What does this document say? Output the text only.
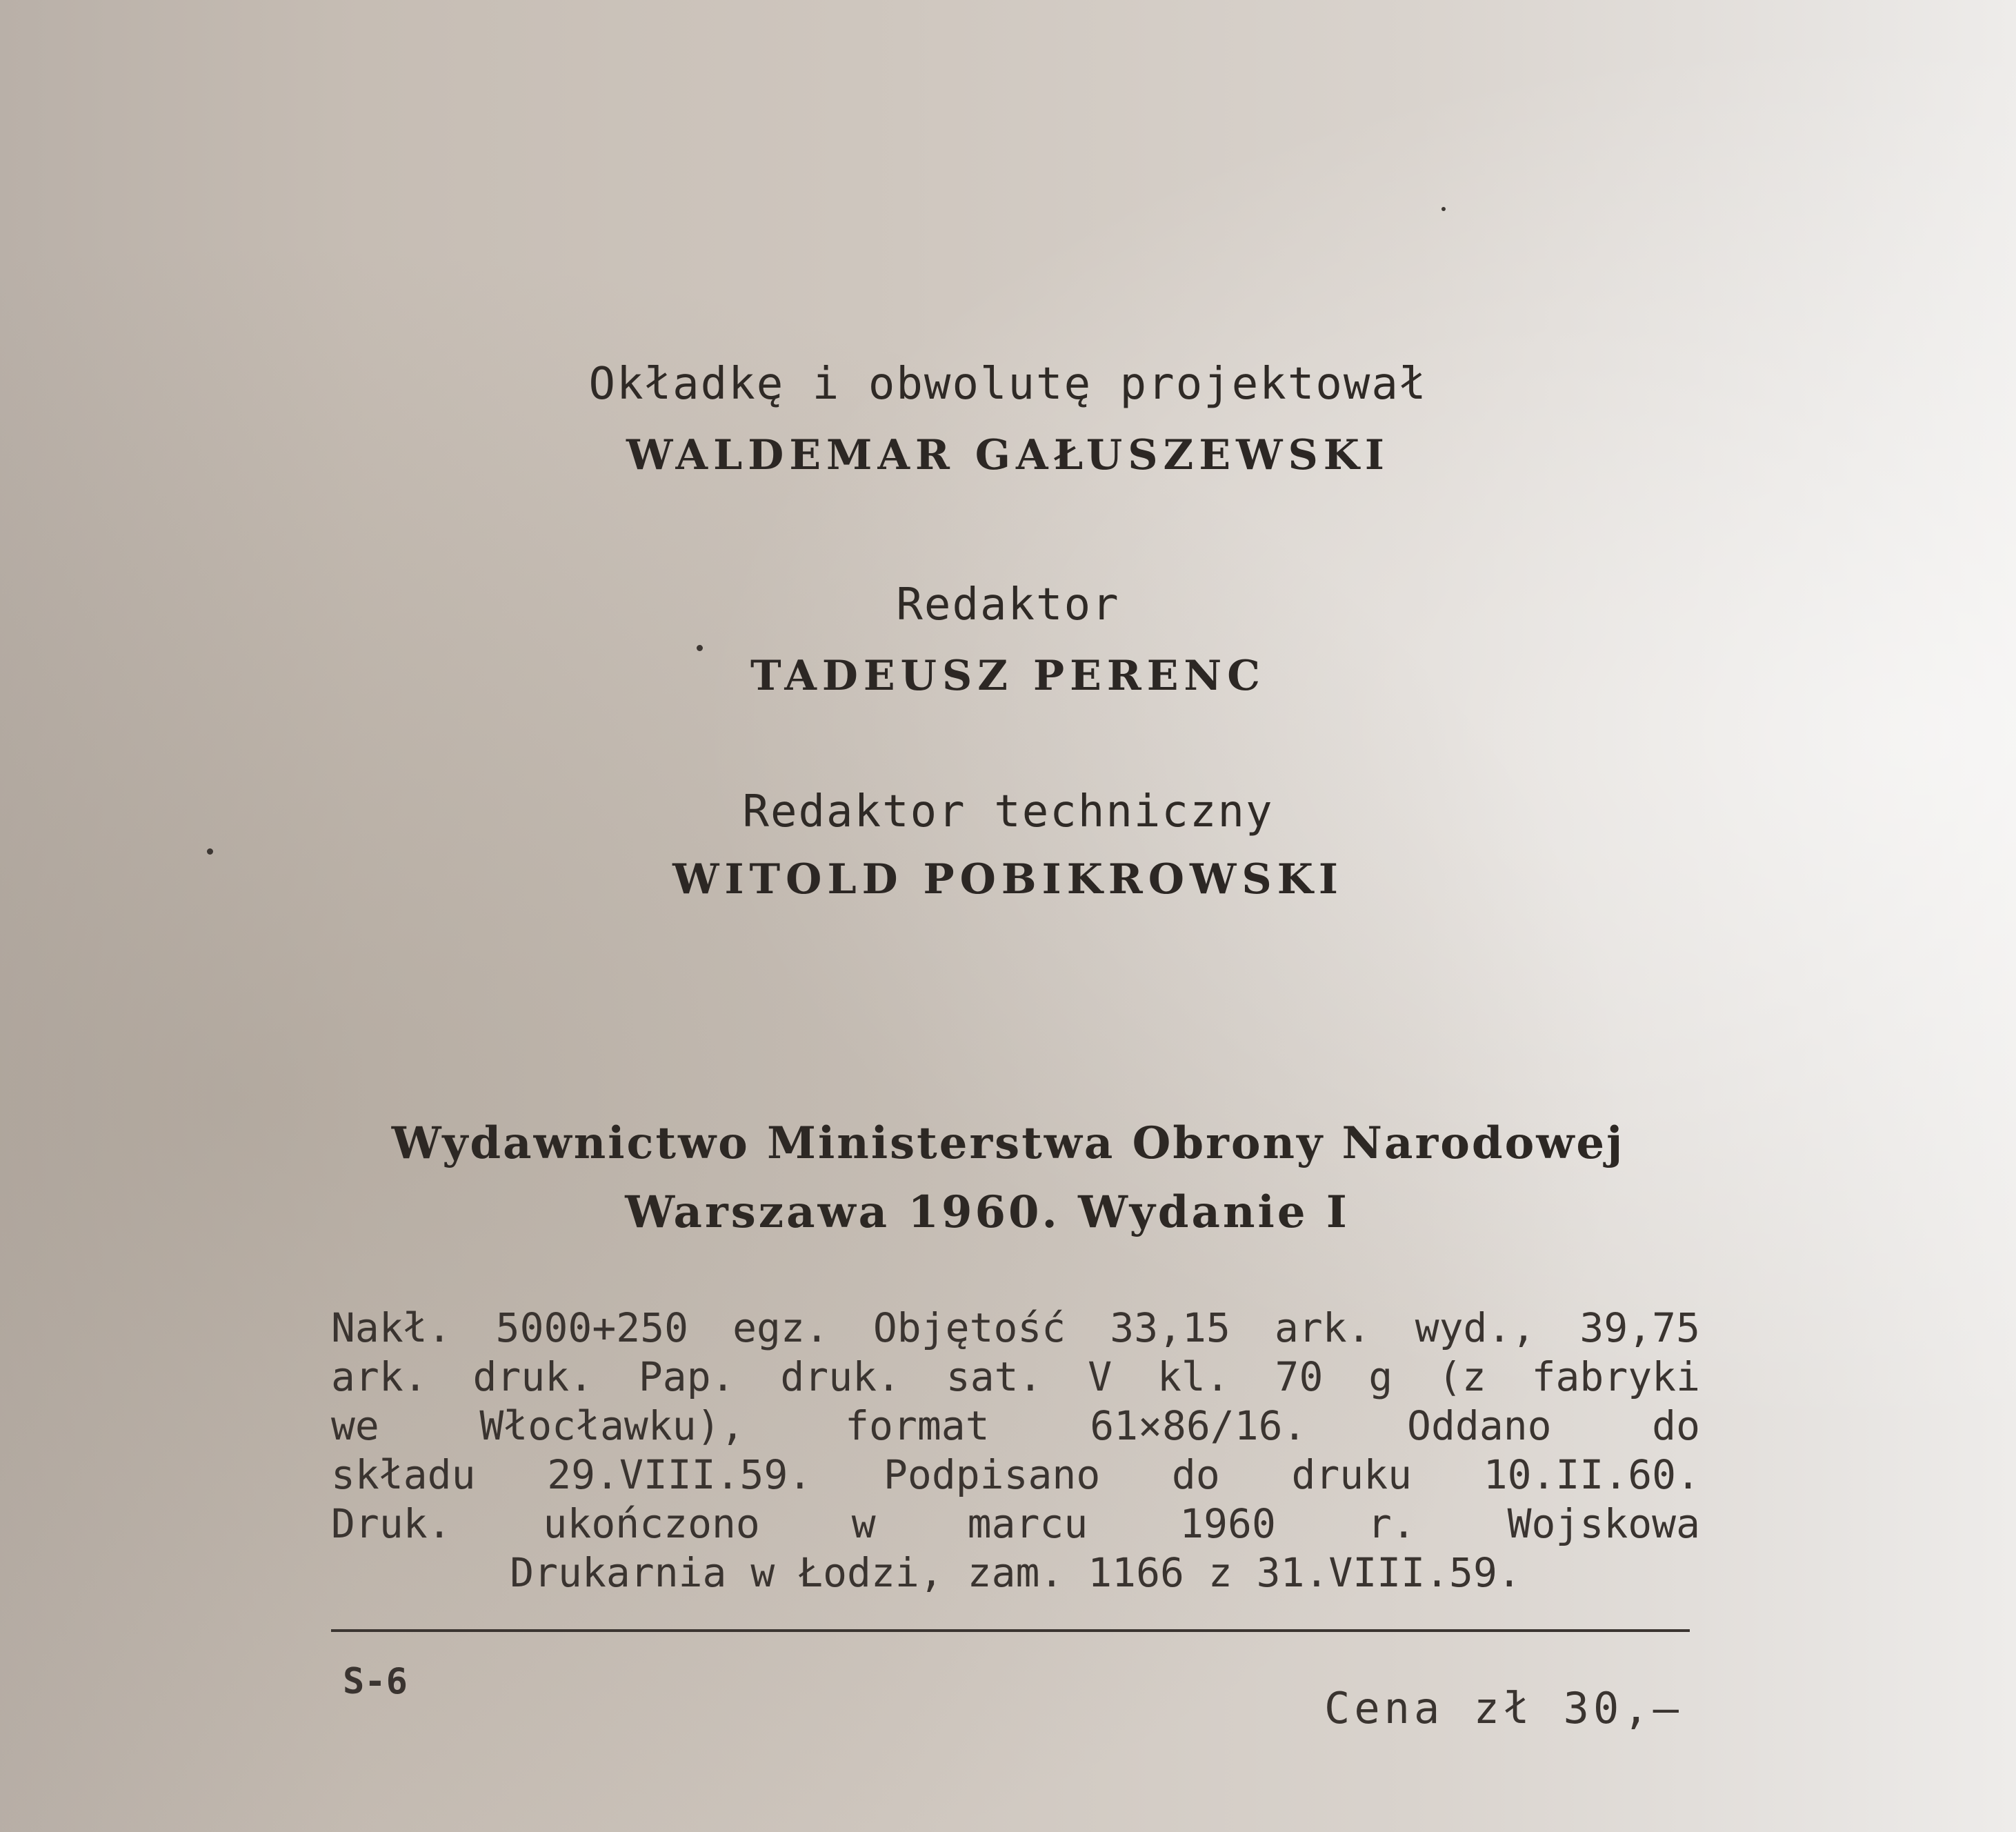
Okładkę i obwolutę projektował
WALDEMAR GAŁUSZEWSKI
Redaktor
TADEUSZ PERENC
Redaktor techniczny
WITOLD POBIKROWSKI
Wydawnictwo Ministerstwa Obrony Narodowej
Warszawa 1960. Wydanie I
Nakł. 5000+250 egz. Objętość 33,15 ark. wyd., 39,75
ark. druk. Pap. druk. sat. V kl. 70 g (z fabryki
we Włocławku), format 61×86/16. Oddano do
składu 29.VIII.59. Podpisano do druku 10.II.60.
Druk. ukończono w marcu 1960 r. Wojskowa
Drukarnia w Łodzi, zam. 1166 z 31.VIII.59.
S-6
Cena zł 30,—
